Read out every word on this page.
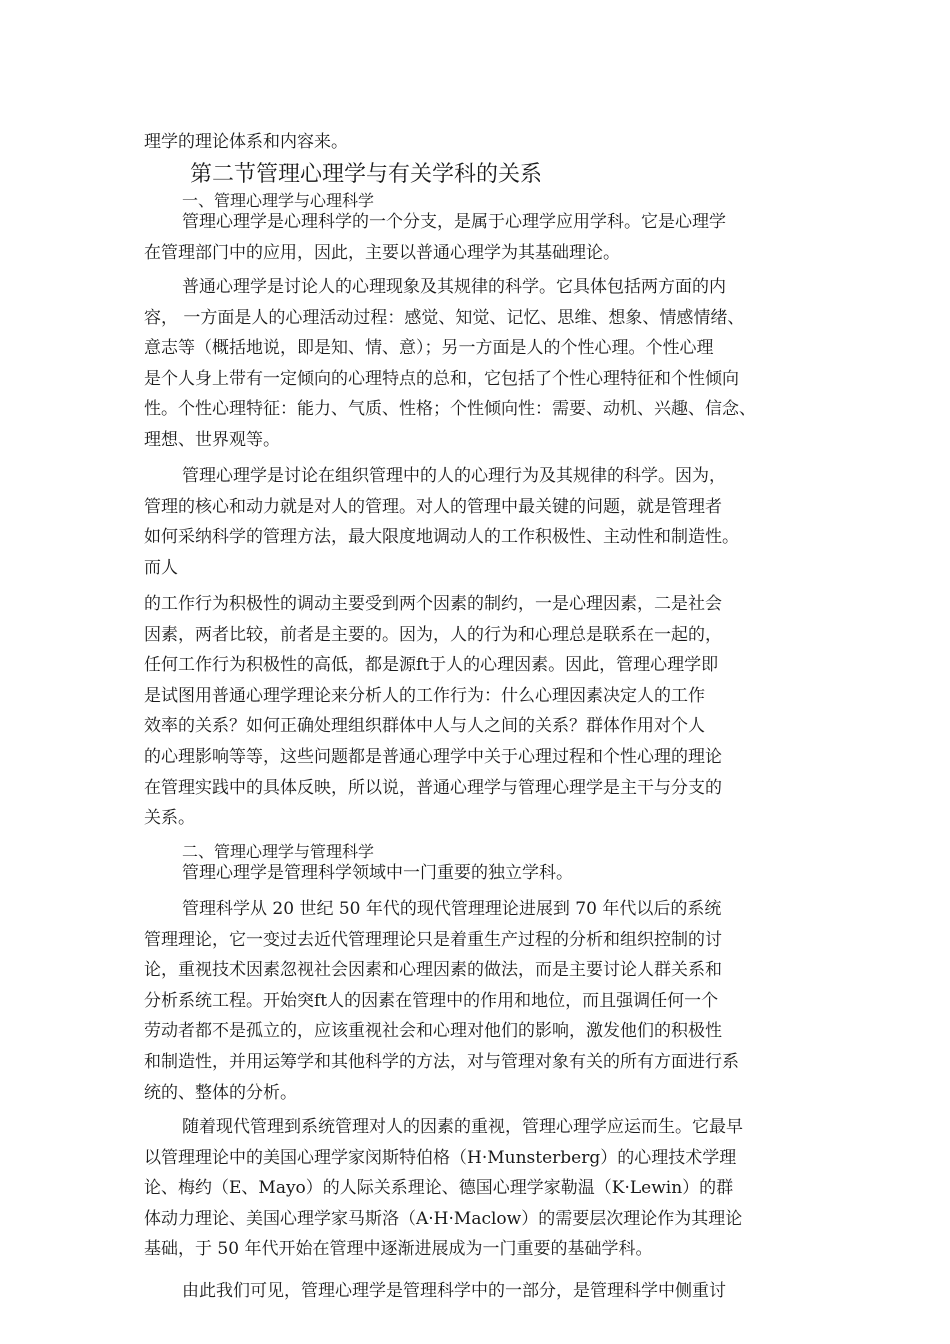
理学的理论体系和内容来。
第二节管理心理学与有关学科的关系
一、管理心理学与心理科学
管理心理学是心理科学的一个分支，是属于心理学应用学科。它是心理学
在管理部门中的应用，因此，主要以普通心理学为其基础理论。
普通心理学是讨论人的心理现象及其规律的科学。它具体包括两方面的内
容， 一方面是人的心理活动过程：感觉、知觉、记忆、思维、想象、情感情绪、
意志等（概括地说，即是知、情、意）；另一方面是人的个性心理。个性心理
是个人身上带有一定倾向的心理特点的总和，它包括了个性心理特征和个性倾向
性。个性心理特征：能力、气质、性格；个性倾向性：需要、动机、兴趣、信念、
理想、世界观等。
管理心理学是讨论在组织管理中的人的心理行为及其规律的科学。因为，
管理的核心和动力就是对人的管理。对人的管理中最关键的问题，就是管理者
如何采纳科学的管理方法，最大限度地调动人的工作积极性、主动性和制造性。
而人
的工作行为积极性的调动主要受到两个因素的制约，一是心理因素，二是社会
因素，两者比较，前者是主要的。因为，人的行为和心理总是联系在一起的，
任何工作行为积极性的高低，都是源ft于人的心理因素。因此，管理心理学即
是试图用普通心理学理论来分析人的工作行为：什么心理因素决定人的工作
效率的关系？如何正确处理组织群体中人与人之间的关系？群体作用对个人
的心理影响等等，这些问题都是普通心理学中关于心理过程和个性心理的理论
在管理实践中的具体反映，所以说，普通心理学与管理心理学是主干与分支的
关系。
二、管理心理学与管理科学
管理心理学是管理科学领域中一门重要的独立学科。
管理科学从 20 世纪 50 年代的现代管理理论进展到 70 年代以后的系统
管理理论，它一变过去近代管理理论只是着重生产过程的分析和组织控制的讨
论，重视技术因素忽视社会因素和心理因素的做法，而是主要讨论人群关系和
分析系统工程。开始突ft人的因素在管理中的作用和地位，而且强调任何一个
劳动者都不是孤立的，应该重视社会和心理对他们的影响，激发他们的积极性
和制造性，并用运筹学和其他科学的方法，对与管理对象有关的所有方面进行系
统的、整体的分析。
随着现代管理到系统管理对人的因素的重视，管理心理学应运而生。它最早
以管理理论中的美国心理学家闵斯特伯格（H·Munsterberg）的心理技术学理
论、梅约（E、Mayo）的人际关系理论、德国心理学家勒温（K·Lewin）的群
体动力理论、美国心理学家马斯洛（A·H·Maclow）的需要层次理论作为其理论
基础，于 50 年代开始在管理中逐渐进展成为一门重要的基础学科。
由此我们可见，管理心理学是管理科学中的一部分，是管理科学中侧重讨
